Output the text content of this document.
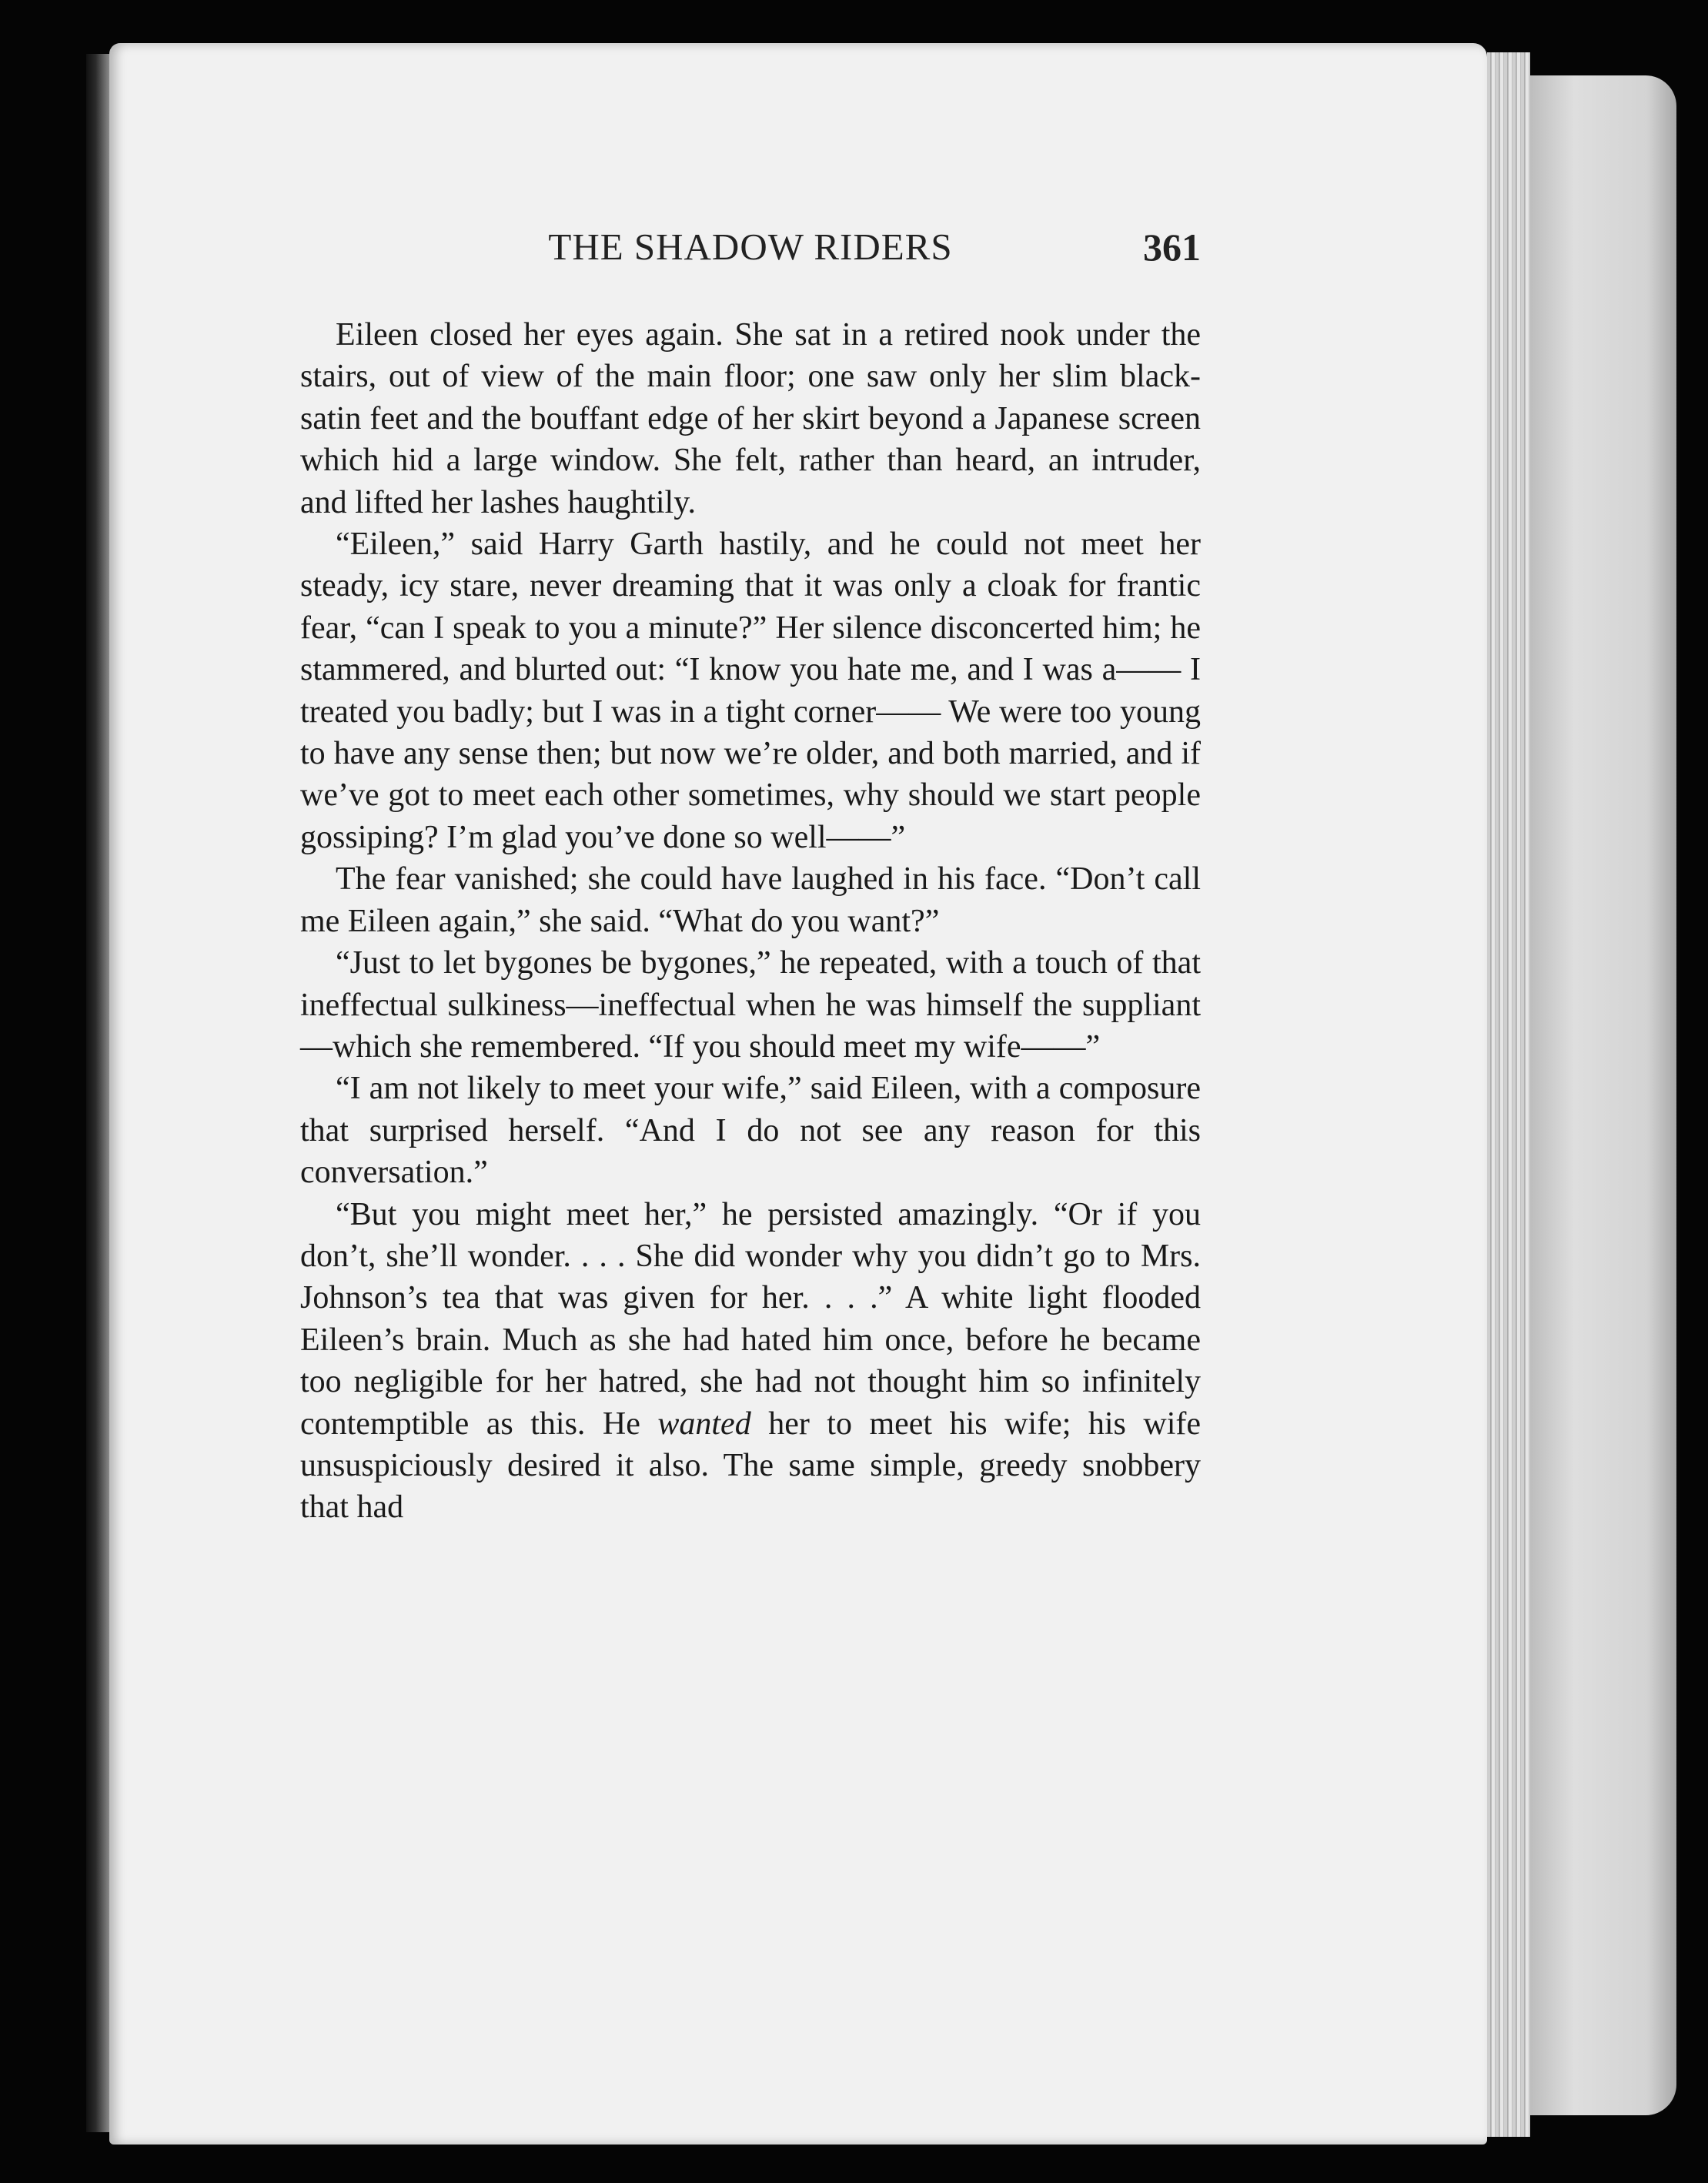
THE SHADOW RIDERS	361

Eileen closed her eyes again. She sat in a retired nook under the stairs, out of view of the main floor; one saw only her slim black-satin feet and the bouffant edge of her skirt beyond a Japanese screen which hid a large window. She felt, rather than heard, an intruder, and lifted her lashes haughtily.

“Eileen,” said Harry Garth hastily, and he could not meet her steady, icy stare, never dreaming that it was only a cloak for frantic fear, “can I speak to you a minute?” Her silence disconcerted him; he stammered, and blurted out: “I know you hate me, and I was a—— I treated you badly; but I was in a tight corner—— We were too young to have any sense then; but now we’re older, and both married, and if we’ve got to meet each other sometimes, why should we start people gossiping? I’m glad you’ve done so well——”

The fear vanished; she could have laughed in his face. “Don’t call me Eileen again,” she said. “What do you want?”

“Just to let bygones be bygones,” he repeated, with a touch of that ineffectual sulkiness—ineffectual when he was himself the suppliant—which she remembered. “If you should meet my wife——”

“I am not likely to meet your wife,” said Eileen, with a composure that surprised herself. “And I do not see any reason for this conversation.”

“But you might meet her,” he persisted amazingly. “Or if you don’t, she’ll wonder. . . . She did wonder why you didn’t go to Mrs. Johnson’s tea that was given for her. . . .” A white light flooded Eileen’s brain. Much as she had hated him once, before he became too negligible for her hatred, she had not thought him so infinitely contemptible as this. He wanted her to meet his wife; his wife unsuspiciously desired it also. The same simple, greedy snobbery that had
